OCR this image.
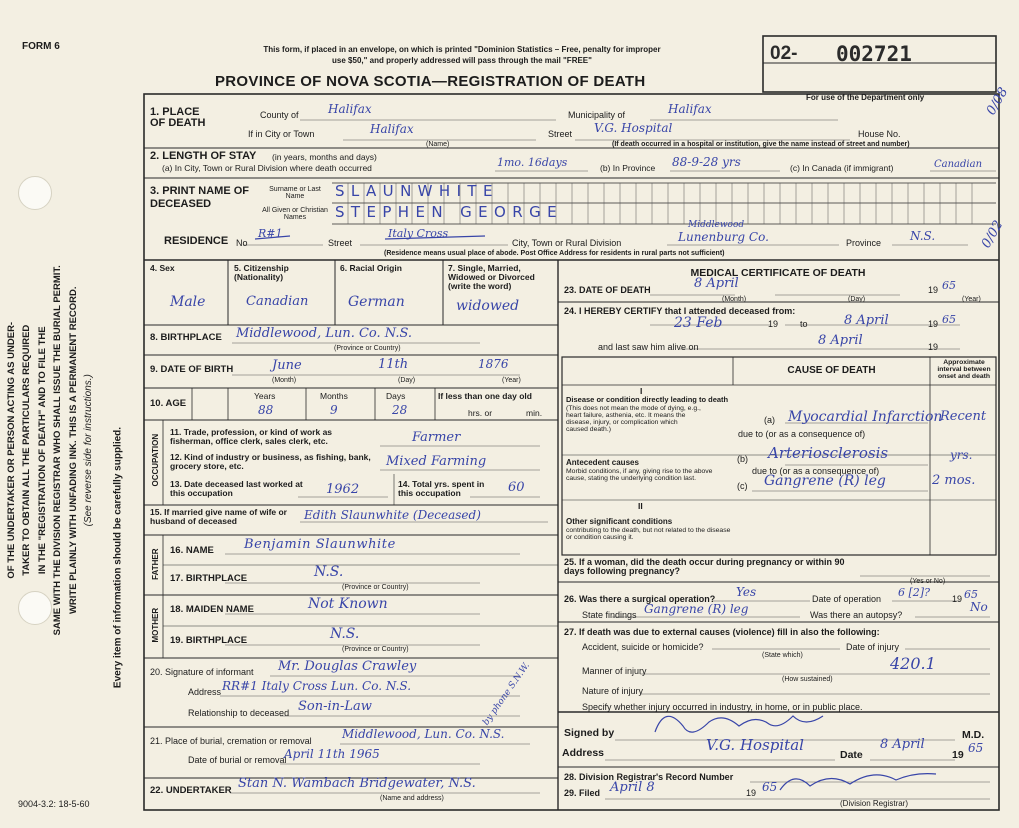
FORM 6	This form, if placed in an envelope, on which is printed "Dominion Statistics – Free, penalty for improper
use $50," and properly addressed will pass through the mail "FREE"
PROVINCE OF NOVA SCOTIA—REGISTRATION OF DEATH
02- 002721
For use of the Department only	0/08
OF THE UNDERTAKER OR PERSON ACTING AS UNDER- TAKER TO OBTAIN ALL THE PARTICULARS REQUIRED IN THE "REGISTRATION OF DEATH" AND TO FILE THE SAME WITH THE DIVISION REGISTRAR WHO SHALL ISSUE THE BURIAL PERMIT. WRITE PLAINLY WITH UNFADING INK. THIS IS A PERMANENT RECORD. (See reverse side for instructions.) Every item of information should be carefully supplied.
1. PLACE OF DEATH
County of Halifax	Municipality of	Halifax
If in City or Town	Halifax
(Name)
Street V.G. Hospital	House No.
(If death occurred in a hospital or institution, give the name instead of street and number)
2. LENGTH OF STAY (in years, months and days)
(a) In City, Town or Rural Division where death occurred	1mo. 16days	(b) In Province 88-9-28 yrs	(c) In Canada (if immigrant)	Canadian
3. PRINT NAME OF DECEASED
Surname or Last Name	SLAUNWHITE
All Given or Christian Names	STEPHEN GEORGE
RESIDENCE No
R#1
Street
Italy Cross
City, Town or Rural Division
Middlewood
Lunenburg Co.	Province N.S.
(Residence means usual place of abode. Post Office Address for residents in rural parts not sufficient)
0/02
4. Sex
Male
5. Citizenship (Nationality)
Canadian
6. Racial Origin
German
7. Single, Married, Widowed or Divorced (write the word)
widowed
8. BIRTHPLACE Middlewood, Lun. Co. N.S.
(Province or Country)
9. DATE OF BIRTH	June	11th	1876
(Month)	(Day)	(Year)
10. AGE
Years
88
Months
9
Days
28
If less than one day old
hrs. or	min.
OCCUPATION
11. Trade, profession, or kind of work as fisherman, office clerk, sales clerk, etc.	Farmer
12. Kind of industry or business, as fishing, bank, grocery store, etc.	Mixed Farming
13. Date deceased last worked at this occupation	1962	14. Total yrs. spent in this occupation	60
15. If married give name of wife or husband of deceased	Edith Slaunwhite (Deceased)
FATHER 16. NAME Benjamin Slaunwhite
17. BIRTHPLACE	N.S.
(Province or Country)
MOTHER 18. MAIDEN NAME	Not Known
19. BIRTHPLACE	N.S.
(Province or Country)
20. Signature of informant Mr. Douglas Crawley
Address RR#1 Italy Cross Lun. Co. N.S.
Relationship to deceased Son-in-Law	by phone S.N.W.
21. Place of burial, cremation or removal	Middlewood, Lun. Co. N.S.
Date of burial or removal
April 11th 1965
22. UNDERTAKER Stan N. Wambach Bridgewater, N.S.
(Name and address)
9004-3.2: 18-5-60
MEDICAL CERTIFICATE OF DEATH
23. DATE OF DEATH	8 April	19 65
(Month)	(Day)	(Year)
24. I HEREBY CERTIFY that I attended deceased from:
23 Feb	19 to	8 April	19 65
and last saw him alive on	8 April	19
CAUSE OF DEATH
Approximate interval between onset and death
I
Disease or condition directly leading to death
(This does not mean the mode of dying, e.g., heart failure, asthenia, etc. It means the disease, injury, or complication which caused death.)
(a) Myocardial Infarction
Recent
due to (or as a consequence of)
Antecedent causes
Morbid conditions, if any, giving rise to the above cause, stating the underlying condition last.
(b) Arteriosclerosis	yrs.
due to (or as a consequence of)
(c) Gangrene (R) leg	2 mos.
II
Other significant conditions
contributing to the death, but not related to the disease or condition causing it.
25. If a woman, did the death occur during pregnancy or within 90 days following pregnancy?
(Yes or No)
26. Was there a surgical operation? Yes	Date of operation 6 [2]? 19 65
State findings Gangrene (R) leg	Was there an autopsy?
No
27. If death was due to external causes (violence) fill in also the following:
Accident, suicide or homicide?	Date of injury
(State which)
Manner of injury	420.1
(How sustained)
Nature of injury
Specify whether injury occurred in industry, in home, or in public place.
Signed by	M.D.
Address	V.G. Hospital
Date
8 April
19 65
28. Division Registrar's Record Number
29. Filed April 8	19 65
(Division Registrar)
